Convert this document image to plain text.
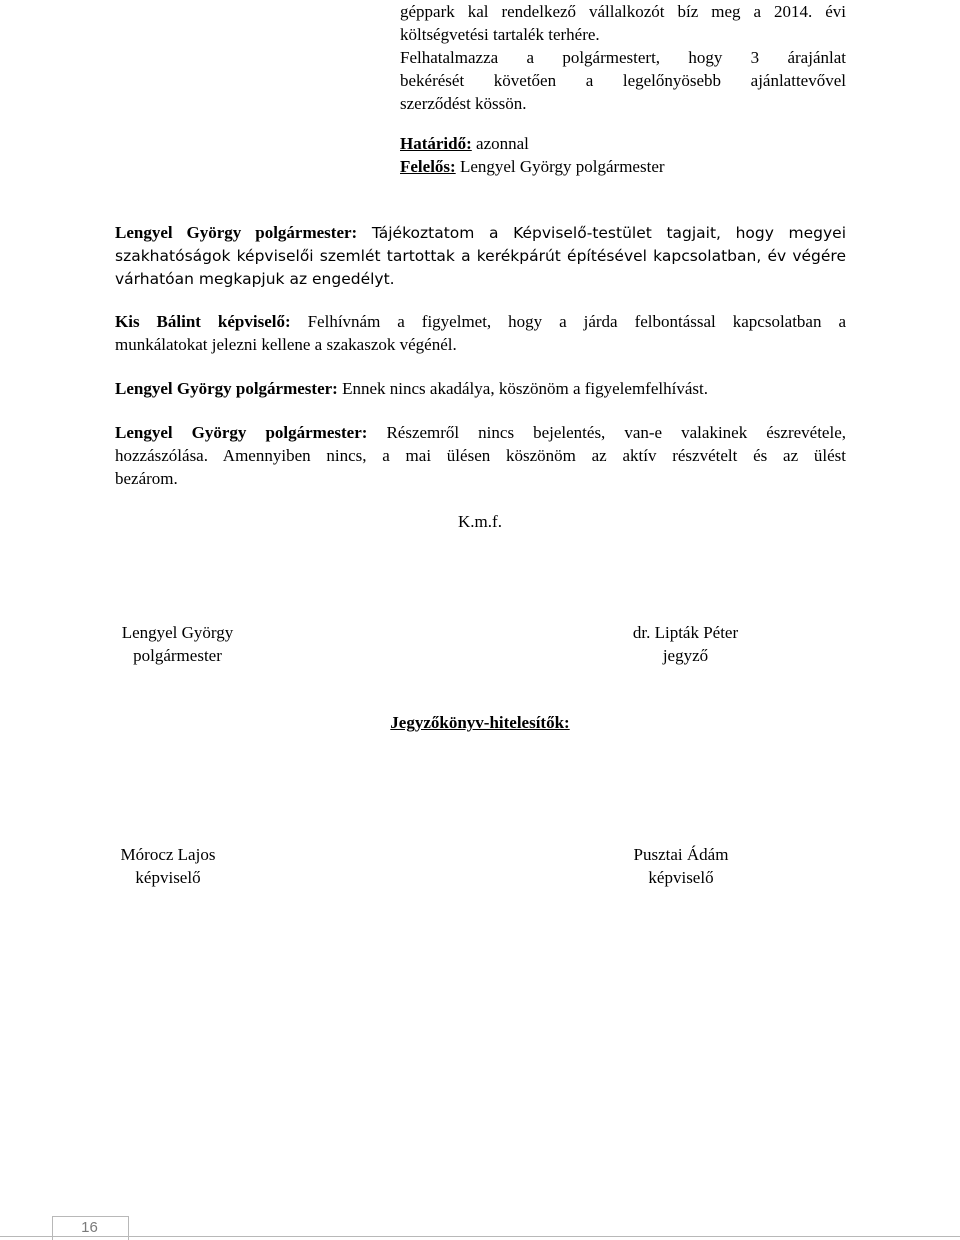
géppark kal rendelkező vállalkozót bíz meg a 2014. évi
költségvetési tartalék terhére.
Felhatalmazza a polgármestert, hogy 3 árajánlat
bekérését követően a legelőnyösebb ajánlattevővel
szerződést kössön.
Határidő: azonnal
Felelős: Lengyel György polgármester
Lengyel György polgármester: Tájékoztatom a Képviselő-testület tagjait, hogy megyei
szakhatóságok képviselői szemlét tartottak a kerékpárút építésével kapcsolatban, év végére
várhatóan megkapjuk az engedélyt.
Kis Bálint képviselő: Felhívnám a figyelmet, hogy a járda felbontással kapcsolatban a
munkálatokat jelezni kellene a szakaszok végénél.
Lengyel György polgármester: Ennek nincs akadálya, köszönöm a figyelemfelhívást.
Lengyel György polgármester: Részemről nincs bejelentés, van-e valakinek észrevétele,
hozzászólása. Amennyiben nincs, a mai ülésen köszönöm az aktív részvételt és az ülést
bezárom.
K.m.f.
Lengyel György
polgármester
dr. Lipták Péter
jegyző
Jegyzőkönyv-hitelesítők:
Mórocz Lajos
képviselő
Pusztai Ádám
képviselő
16
